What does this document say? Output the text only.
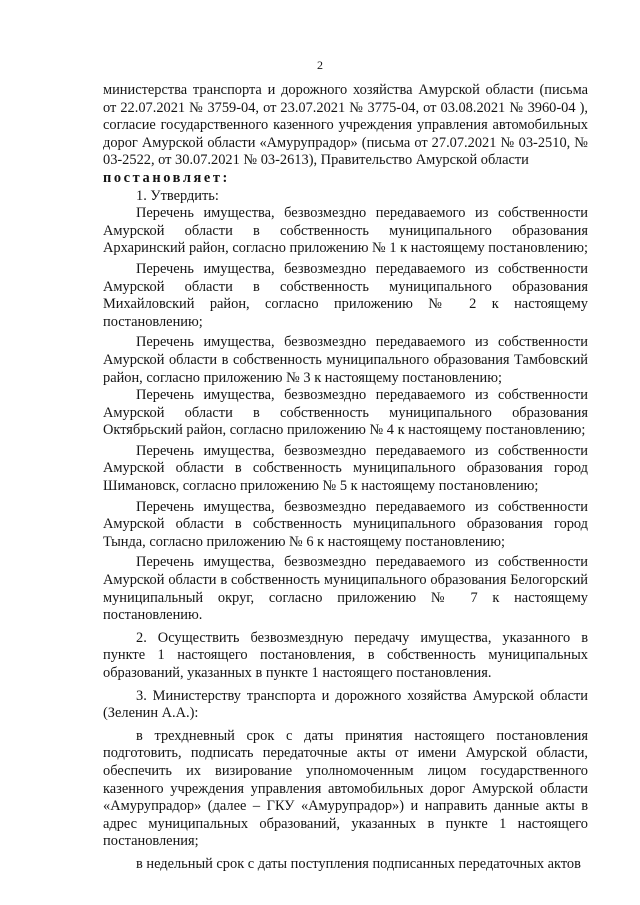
2

министерства транспорта и дорожного хозяйства Амурской области (письма от 22.07.2021 № 3759-04, от 23.07.2021 № 3775-04, от 03.08.2021 № 3960-04 ), согласие государственного казенного учреждения управления автомобильных дорог Амурской области «Амурупрадор» (письма от 27.07.2021 № 03-2510, № 03-2522, от 30.07.2021 № 03-2613), Правительство Амурской области

постановляет:

1. Утвердить:

Перечень имущества, безвозмездно передаваемого из собственности Амурской области в собственность муниципального образования Архаринский район, согласно приложению № 1 к настоящему постановлению;

Перечень имущества, безвозмездно передаваемого из собственности Амурской области в собственность муниципального образования Михайловский район, согласно приложению № 2 к настоящему постановлению;

Перечень имущества, безвозмездно передаваемого из собственности Амурской области в собственность муниципального образования Тамбовский район, согласно приложению № 3 к настоящему постановлению;

Перечень имущества, безвозмездно передаваемого из собственности Амурской области в собственность муниципального образования Октябрьский район, согласно приложению № 4 к настоящему постановлению;

Перечень имущества, безвозмездно передаваемого из собственности Амурской области в собственность муниципального образования город Шимановск, согласно приложению № 5 к настоящему постановлению;

Перечень имущества, безвозмездно передаваемого из собственности Амурской области в собственность муниципального образования город Тында, согласно приложению № 6 к настоящему постановлению;

Перечень имущества, безвозмездно передаваемого из собственности Амурской области в собственность муниципального образования Белогорский муниципальный округ, согласно приложению № 7 к настоящему постановлению.

2. Осуществить безвозмездную передачу имущества, указанного в пункте 1 настоящего постановления, в собственность муниципальных образований, указанных в пункте 1 настоящего постановления.

3. Министерству транспорта и дорожного хозяйства Амурской области (Зеленин А.А.):

в трехдневный срок с даты принятия настоящего постановления подготовить, подписать передаточные акты от имени Амурской области, обеспечить их визирование уполномоченным лицом государственного казенного учреждения управления автомобильных дорог Амурской области «Амурупрадор» (далее – ГКУ «Амурупрадор») и направить данные акты в адрес муниципальных образований, указанных в пункте 1 настоящего постановления;

в недельный срок с даты поступления подписанных передаточных актов
